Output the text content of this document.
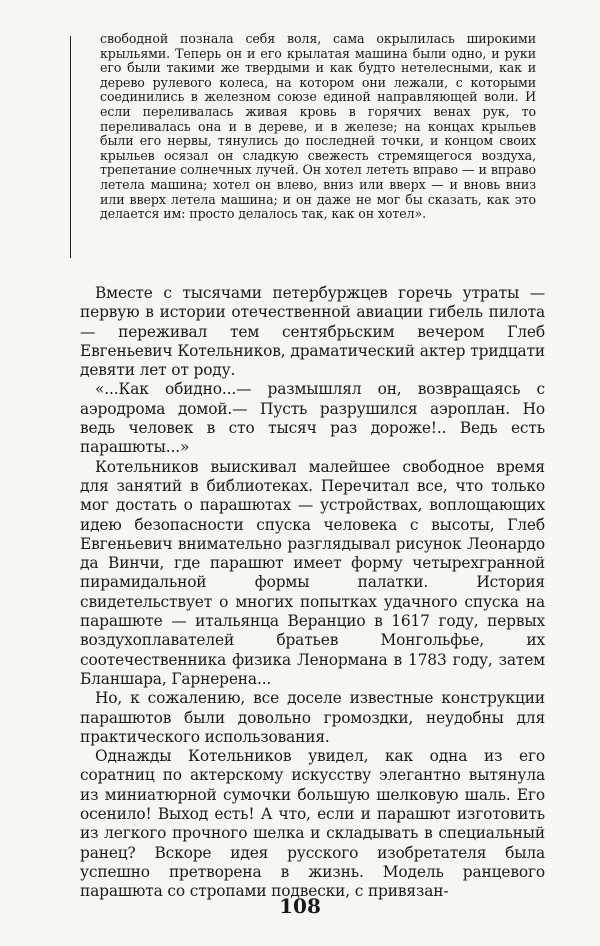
свободной познала себя воля, сама окрылилась широкими крыльями. Теперь он и его крылатая машина были одно, и руки его были такими же твердыми и как будто нетелесными, как и дерево рулевого колеса, на котором они лежали, с которыми соединились в железном союзе единой направляющей воли. И если переливалась живая кровь в горячих венах рук, то переливалась она и в дереве, и в железе; на концах крыльев были его нервы, тянулись до последней точки, и концом своих крыльев осязал он сладкую свежесть стремящегося воздуха, трепетание солнечных лучей. Он хотел лететь вправо — и вправо летела машина; хотел он влево, вниз или вверх — и вновь вниз или вверх летела машина; и он даже не мог бы сказать, как это делается им: просто делалось так, как он хотел».

Вместе с тысячами петербуржцев горечь утраты — первую в истории отечественной авиации гибель пилота — переживал тем сентябрьским вечером Глеб Евгеньевич Котельников, драматический актер тридцати девяти лет от роду.

«...Как обидно...— размышлял он, возвращаясь с аэродрома домой.— Пусть разрушился аэроплан. Но ведь человек в сто тысяч раз дороже!.. Ведь есть парашюты...»

Котельников выискивал малейшее свободное время для занятий в библиотеках. Перечитал все, что только мог достать о парашютах — устройствах, воплощающих идею безопасности спуска человека с высоты, Глеб Евгеньевич внимательно разглядывал рисунок Леонардо да Винчи, где парашют имеет форму четырехгранной пирамидальной формы палатки. История свидетельствует о многих попытках удачного спуска на парашюте — итальянца Веранцио в 1617 году, первых воздухоплавателей братьев Монгольфье, их соотечественника физика Ленормана в 1783 году, затем Бланшара, Гарнерена...

Но, к сожалению, все доселе известные конструкции парашютов были довольно громоздки, неудобны для практического использования.

Однажды Котельников увидел, как одна из его соратниц по актерскому искусству элегантно вытянула из миниатюрной сумочки большую шелковую шаль. Его осенило! Выход есть! А что, если и парашют изготовить из легкого прочного шелка и складывать в специальный ранец? Вскоре идея русского изобретателя была успешно претворена в жизнь. Модель ранцевого парашюта со стропами подвески, с привязан-

108
